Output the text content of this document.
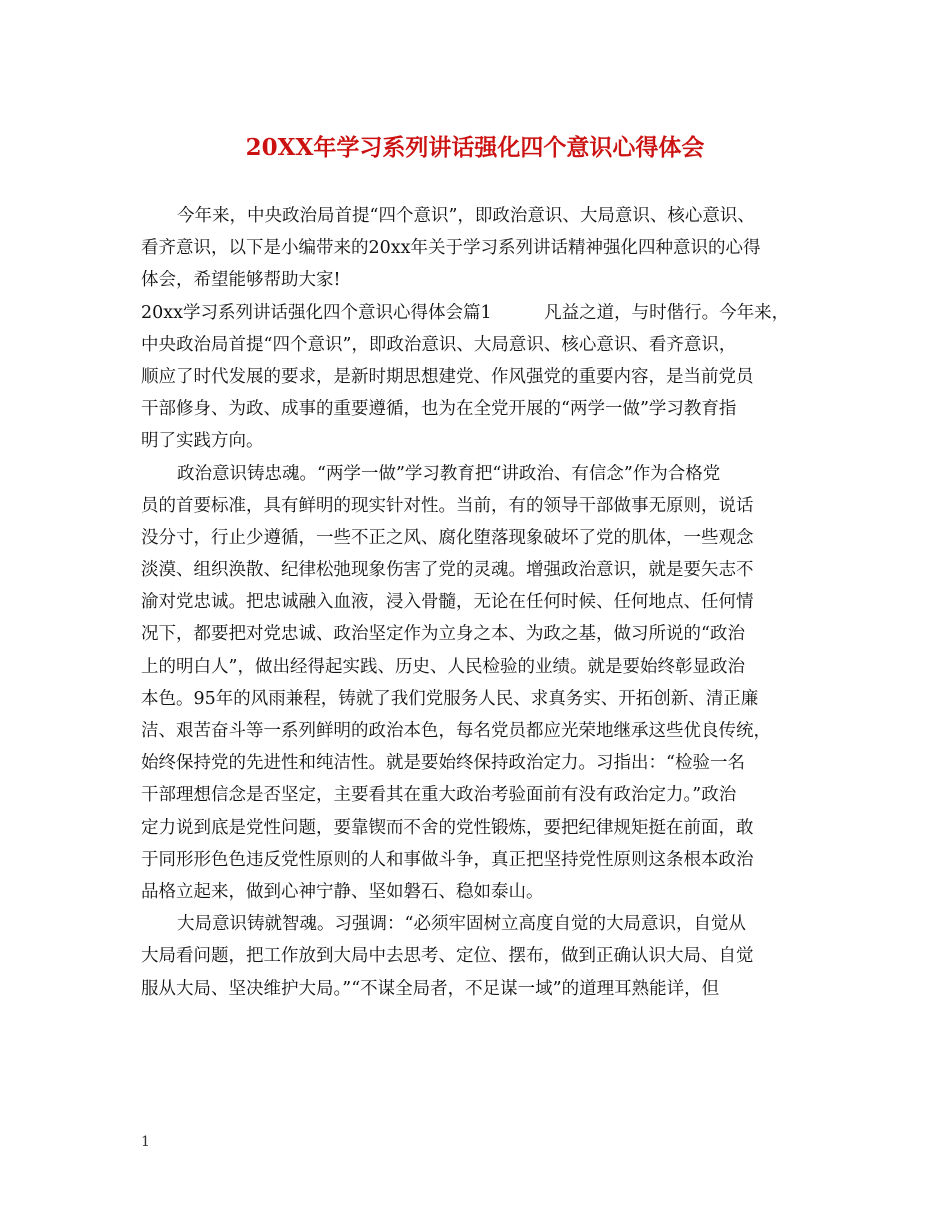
20XX年学习系列讲话强化四个意识心得体会
今年来，中央政治局首提“四个意识”，即政治意识、大局意识、核心意识、
看齐意识，以下是小编带来的20xx年关于学习系列讲话精神强化四种意识的心得
体会，希望能够帮助大家!
20xx学习系列讲话强化四个意识心得体会篇1　　　凡益之道，与时偕行。今年来，
中央政治局首提“四个意识”，即政治意识、大局意识、核心意识、看齐意识，
顺应了时代发展的要求，是新时期思想建党、作风强党的重要内容，是当前党员
干部修身、为政、成事的重要遵循，也为在全党开展的“两学一做”学习教育指
明了实践方向。
政治意识铸忠魂。“两学一做”学习教育把“讲政治、有信念”作为合格党
员的首要标准，具有鲜明的现实针对性。当前，有的领导干部做事无原则，说话
没分寸，行止少遵循，一些不正之风、腐化堕落现象破坏了党的肌体，一些观念
淡漠、组织涣散、纪律松弛现象伤害了党的灵魂。增强政治意识，就是要矢志不
渝对党忠诚。把忠诚融入血液，浸入骨髓，无论在任何时候、任何地点、任何情
况下，都要把对党忠诚、政治坚定作为立身之本、为政之基，做习所说的“政治
上的明白人”，做出经得起实践、历史、人民检验的业绩。就是要始终彰显政治
本色。95年的风雨兼程，铸就了我们党服务人民、求真务实、开拓创新、清正廉
洁、艰苦奋斗等一系列鲜明的政治本色，每名党员都应光荣地继承这些优良传统，
始终保持党的先进性和纯洁性。就是要始终保持政治定力。习指出：“检验一名
干部理想信念是否坚定，主要看其在重大政治考验面前有没有政治定力。”政治
定力说到底是党性问题，要靠锲而不舍的党性锻炼，要把纪律规矩挺在前面，敢
于同形形色色违反党性原则的人和事做斗争，真正把坚持党性原则这条根本政治
品格立起来，做到心神宁静、坚如磐石、稳如泰山。
大局意识铸就智魂。习强调：“必须牢固树立高度自觉的大局意识，自觉从
大局看问题，把工作放到大局中去思考、定位、摆布，做到正确认识大局、自觉
服从大局、坚决维护大局。”“不谋全局者，不足谋一域”的道理耳熟能详，但
1
